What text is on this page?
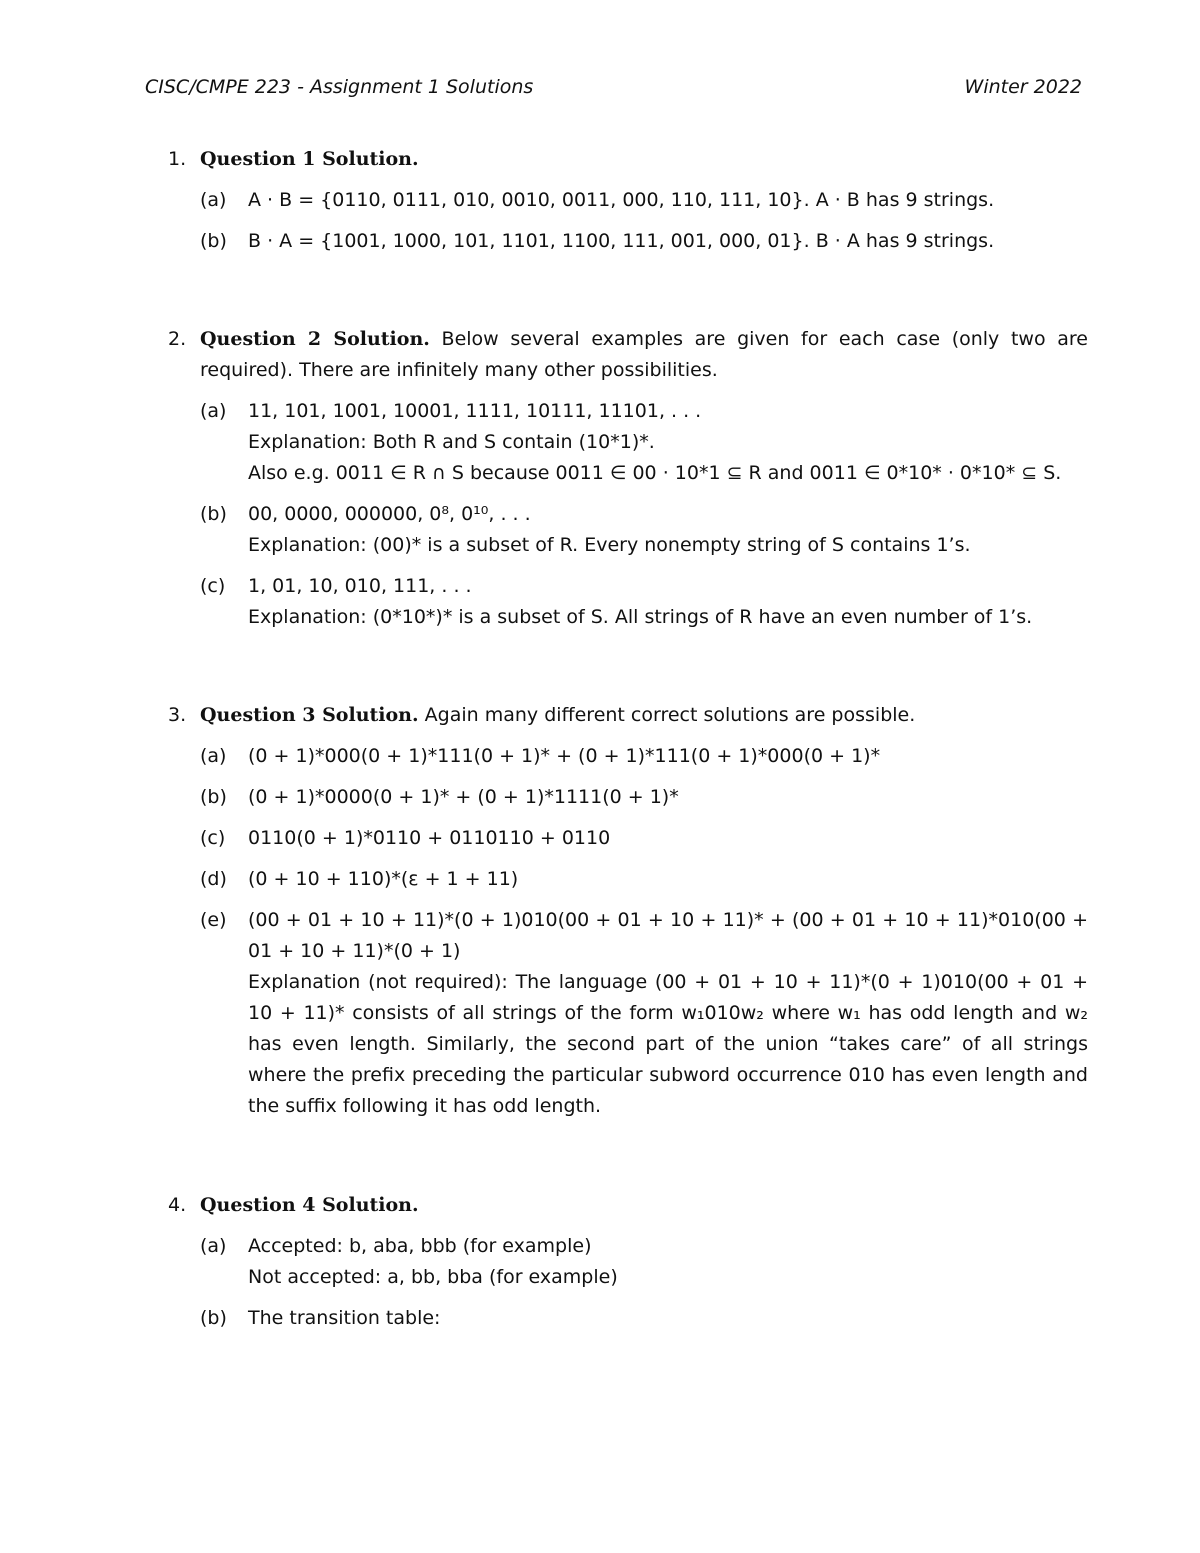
CISC/CMPE 223 - Assignment 1 Solutions	Winter 2022
1. Question 1 Solution.
(a) A · B = {0110, 0111, 010, 0010, 0011, 000, 110, 111, 10}. A · B has 9 strings.
(b) B · A = {1001, 1000, 101, 1101, 1100, 111, 001, 000, 01}. B · A has 9 strings.
2. Question 2 Solution. Below several examples are given for each case (only two are required). There are infinitely many other possibilities.
(a) 11, 101, 1001, 10001, 1111, 10111, 11101, . . .
Explanation: Both R and S contain (10*1)*.
Also e.g. 0011 ∈ R ∩ S because 0011 ∈ 00 · 10*1 ⊆ R and 0011 ∈ 0*10* · 0*10* ⊆ S.
(b) 00, 0000, 000000, 0⁸, 0¹⁰, . . .
Explanation: (00)* is a subset of R. Every nonempty string of S contains 1’s.
(c) 1, 01, 10, 010, 111, . . .
Explanation: (0*10*)* is a subset of S. All strings of R have an even number of 1’s.
3. Question 3 Solution. Again many different correct solutions are possible.
(a) (0 + 1)*000(0 + 1)*111(0 + 1)* + (0 + 1)*111(0 + 1)*000(0 + 1)*
(b) (0 + 1)*0000(0 + 1)* + (0 + 1)*1111(0 + 1)*
(c) 0110(0 + 1)*0110 + 0110110 + 0110
(d) (0 + 10 + 110)*(ε + 1 + 11)
(e) (00 + 01 + 10 + 11)*(0 + 1)010(00 + 01 + 10 + 11)* + (00 + 01 + 10 + 11)*010(00 + 01 + 10 + 11)*(0 + 1)
Explanation (not required): The language (00 + 01 + 10 + 11)*(0 + 1)010(00 + 01 + 10 + 11)* consists of all strings of the form w₁010w₂ where w₁ has odd length and w₂ has even length. Similarly, the second part of the union “takes care” of all strings where the prefix preceding the particular subword occurrence 010 has even length and the suffix following it has odd length.
4. Question 4 Solution.
(a) Accepted: b, aba, bbb (for example)
Not accepted: a, bb, bba (for example)
(b) The transition table:
